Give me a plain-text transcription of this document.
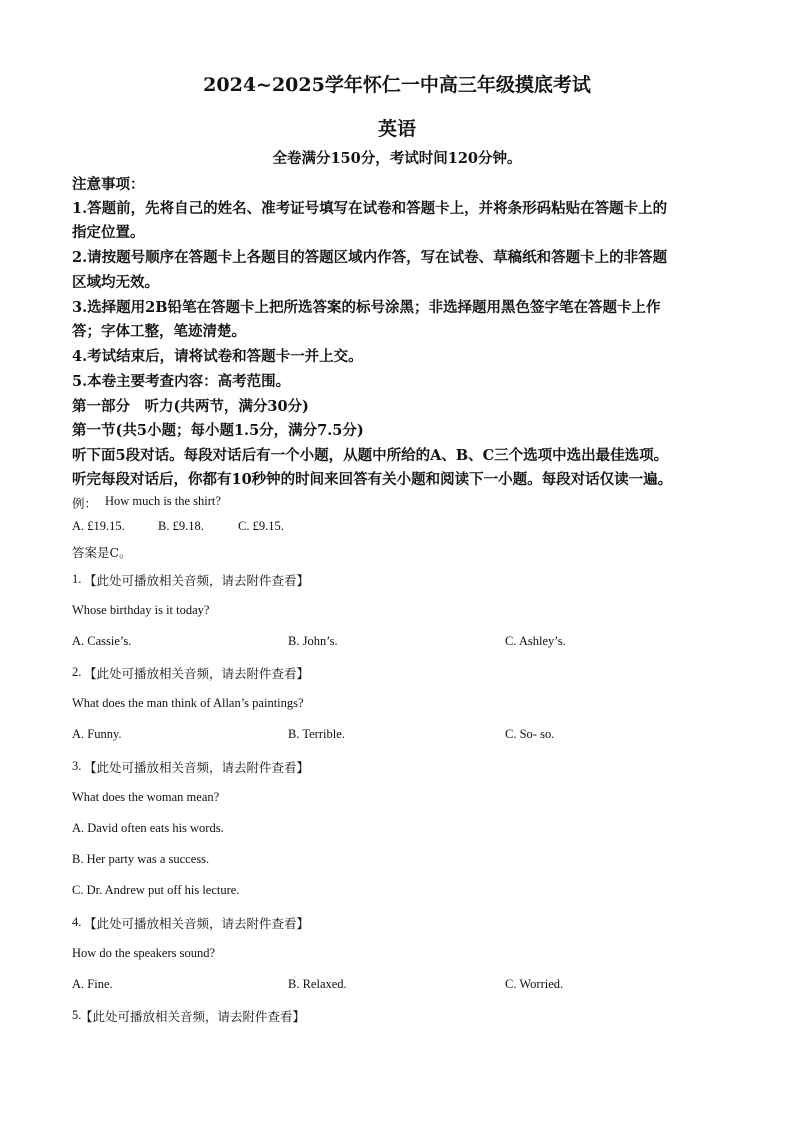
2024~2025学年怀仁一中高三年级摸底考试
英语
全卷满分150分，考试时间120分钟。
注意事项：
1.答题前，先将自己的姓名、准考证号填写在试卷和答题卡上，并将条形码粘贴在答题卡上的
指定位置。
2.请按题号顺序在答题卡上各题目的答题区域内作答，写在试卷、草稿纸和答题卡上的非答题
区域均无效。
3.选择题用2B铅笔在答题卡上把所选答案的标号涂黑；非选择题用黑色签字笔在答题卡上作
答；字体工整，笔迹清楚。
4.考试结束后，请将试卷和答题卡一并上交。
5.本卷主要考查内容：高考范围。
第一部分　听力(共两节，满分30分)
第一节(共5小题；每小题1.5分，满分7.5分)
听下面5段对话。每段对话后有一个小题，从题中所给的A、B、C三个选项中选出最佳选项。
听完每段对话后，你都有10秒钟的时间来回答有关小题和阅读下一小题。每段对话仅读一遍。
例： How much is the shirt?
A. £19.15.	B. £9.18.	C. £9.15.
答案是C。
1. 【此处可播放相关音频，请去附件查看】
Whose birthday is it today?
A. Cassie’s.	B. John’s.	C. Ashley’s.
2. 【此处可播放相关音频，请去附件查看】
What does the man think of Allan’s paintings?
A. Funny.	B. Terrible.	C. So- so.
3. 【此处可播放相关音频，请去附件查看】
What does the woman mean?
A. David often eats his words.
B. Her party was a success.
C. Dr. Andrew put off his lecture.
4. 【此处可播放相关音频，请去附件查看】
How do the speakers sound?
A. Fine.	B. Relaxed.	C. Worried.
5.
【此处可播放相关音频，请去附件查看】
